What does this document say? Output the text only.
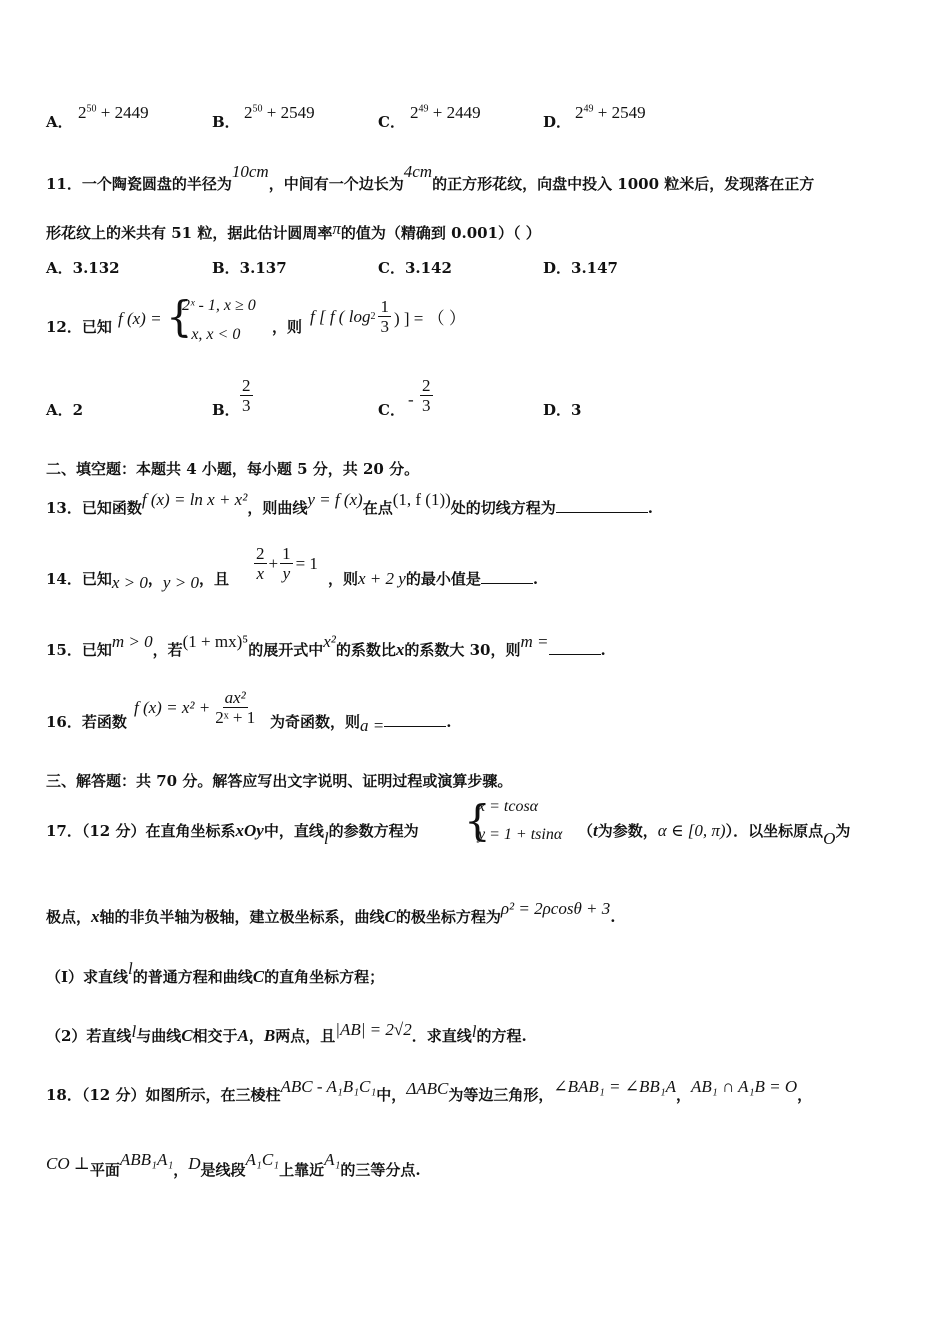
A． $2^{50} + 2449$	B． $2^{50} + 2549$	C． $2^{49} + 2449$	D． $2^{49} + 2549$
11．一个陶瓷圆盘的半径为10cm，中间有一个边长为4cm的正方形花纹，向盘中投入 1000 粒米后，发现落在正方
形花纹上的米共有 51 粒，据此估计圆周率π的值为（精确到 0.001）（ ）
A．3.132	B．3.137	C．3.142	D．3.147
12．已知 f (x) = {
2ˣ - 1, x ≥ 0
- x, x < 0 ，则
f [ f ( $\log 2 \frac{1}{3}$ ) ] = （ ）
A．2	B． $\frac{2}{3}$	C．
- $\frac{2}{3}$	D．3
二、填空题：本题共 4 小题，每小题 5 分，共 20 分。
13．已知函数f (x) = ln x + x²，则曲线y = f (x)在点(1, f (1))处的切线方程为	.
14．已知x > 0，y > 0，且 $\frac{2}{x} + \frac{1}{y} = 1$
，则x + 2 y的最小值是	.
15．已知m > 0，若(1 + mx)⁵的展开式中x²的系数比x的系数大 30，则m =	.
16．若函数
f $(x) = x^2 + \frac{\text{ax²}}{\text{2ˣ + 1}}$ 为奇函数，则a =	.
三、解答题：共 70 分。解答应写出文字说明、证明过程或演算步骤。
17．（12 分）在直角坐标系xOy中，直线l的参数方程为 {
x = tcosα
y = 1 + tsinα （t为参数，α ∈ [0, π)）．以坐标原点O为
极点，x轴的非负半轴为极轴，建立极坐标系，曲线C的极坐标方程为ρ² = 2ρcosθ + 3.
（I）求直线l的普通方程和曲线C的直角坐标方程；
（2）若直线l与曲线C相交于A，B两点，且|AB| = 2√2．求直线l的方程.
18．（12 分）如图所示，在三棱柱ABC - A₁B₁C₁中，ΔABC为等边三角形，∠BAB₁ = ∠BB₁A，AB₁ ∩ A₁B = O，
CO ⊥平面ABB₁A₁，D是线段A₁C₁上靠近A₁的三等分点.
